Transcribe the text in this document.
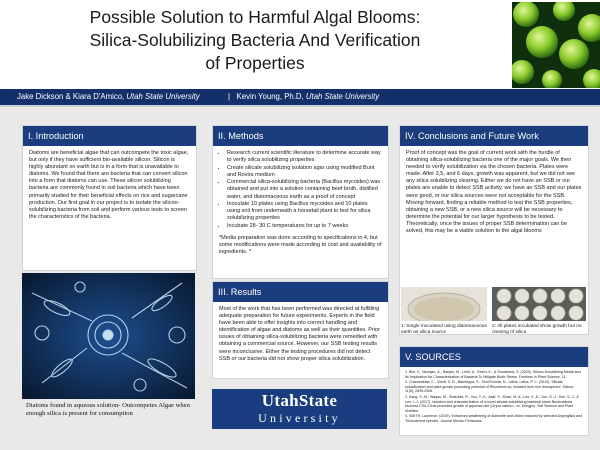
Possible Solution to Harmful Algal Blooms:
Silica-Solubilizing Bacteria And Verification
of Properties
Jake Dickson & Kiara D'Amico, Utah State University	| Kevin Young, Ph.D, Utah State University
I. Introduction
Diatoms are beneficial algae that can outcompete the toxic algae, but only if they have sufficient bio-available silicon. Silicon is highly abundant on earth but is in a form that is unavailable to diatoms. We found that there are bacteria that can convert silicon into a form that diatoms can use. These silicon solubilizing bacteria are commonly found in soil bacteria which have been primarily studied for their beneficial effects on rice and sugarcane production. Our first goal in our project is to isolate the silicon-solubilizing bacteria from soil and perform various tests to screen the characteristics of the bacteria.
Diatoms found in aqueous solution- Outcompetes Algae when enough silica is present for consumption
II. Methods
• Research current scientific literature to determine accurate way to verify silica solubilizing properties
• Create silicate solubilizing isolation agar using modified Bunt and Rovira medium
• Commercial silica-solubilizing bacteria (Bacillus mycoides) was obtained and put into a solution containing beef broth, distilled water, and diatomaceous earth as a proof of concept
• Inoculate 10 plates using Bacillus mycoides and 10 plates using soil from underneath a horsetail plant to test for silica solubilizing properties
• Incubate 28- 30 C temperatures for up to 7 weeks

*Media preparation was done according to specifications in 4, but some modifications were made according to cost and availability of ingredients. *

III. Results
Most of the work that has been performed was directed at fulfilling adequate preparation for future experiments. Experts in the field have been able to offer insights into correct handling and identification of algae and diatoms as well as their quantities. Prior issues of obtaining silica-solubilizing bacteria were remedied with obtaining a commercial source. However, our SSB testing results were inconclusive. Either the testing procedures did not detect SSB or our bacteria did not show proper silica solubilization.
UtahState
University
IV. Conclusions and Future Work
Proof of concept was the goal of current work with the hurdle of obtaining silica-solubilizing bacteria one of the major goals. We then needed to verify solubilization via the chosen bacteria. Plates were made. After 3,5, and 6 days, growth was apparent, but we did not see any silica solubilizing clearing. Either we do not have an SSB or our plates are unable to detect SSB activity, we have an SSB and our plates were good, or our silica sources were not acceptable for the SSB. Moving forward, finding a reliable method to test the SSB properties, obtaining a new SSB, or a new silica source will be necessary to determine the potential for our larger hypothesis to be tested. Theoretically, once the issues of proper SSB determination can be solved, this may be a viable solution to the algal blooms
1: Single inoculated using diatomaceous earth as silica source
2: All plates incubated show growth but no clearing of silica
V. SOURCES
1. Bist, V., Niranjan, A., Ranjan, M., Lehri, A., Seem, K., & Srivastava, S. (2020). Silicon-Solubilizing Media and Its Implication for Characterization of Bacteria To Mitigate Biotic Stress. Frontiers in Plant Science, 11.
2. Chandrakala, C., Voleti, S. R., Bandeppa, S., Sunil Kumar, N., Latha, Latha, P. C. (2019). Silicate solubilization and plant growth promoting potential of Rhizobium sp. isolated from rice rhizosphere. Silicon, 11(6), 2895-2906.
3. Kang, S.-M., Waqas, M., Shahzad, R., You, Y.-H., Asaf, S., Khan, M. A., Lee, K.-E., Joo, G.-J., Kim, S.-J., & Lee, I.-J. (2017). Isolation and characterization of a novel silicate-solubilizing bacterial strain Burkholderia eburnea CS4-2 that promotes growth of japonica rice (Oryza sativa L. cv. Dongjin). Soil Science and Plant Nutrition.
4. SMITH, Laurence. (2019). Enhanced weathering of diatomite and olivine induced by selected Aspergillus and Trichoderma species. Journal Mexico Perlazans.
